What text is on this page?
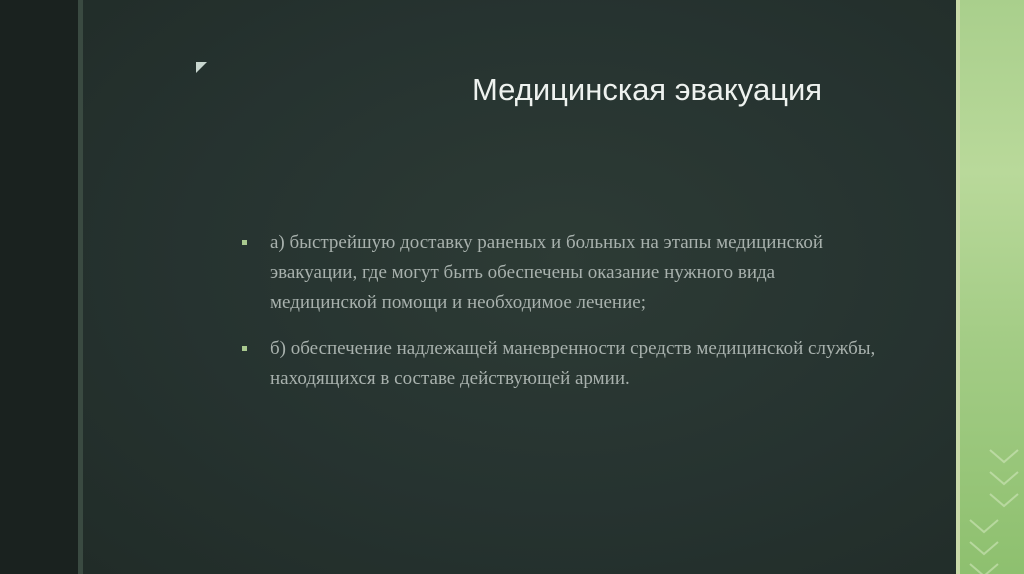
Медицинская эвакуация
а) быстрейшую доставку раненых и больных на этапы медицинской эвакуации, где могут быть обеспечены оказание нужного вида медицинской помощи и необходимое лечение;
б) обеспечение надлежащей маневренности средств медицинской службы, находящихся в составе действующей армии.
